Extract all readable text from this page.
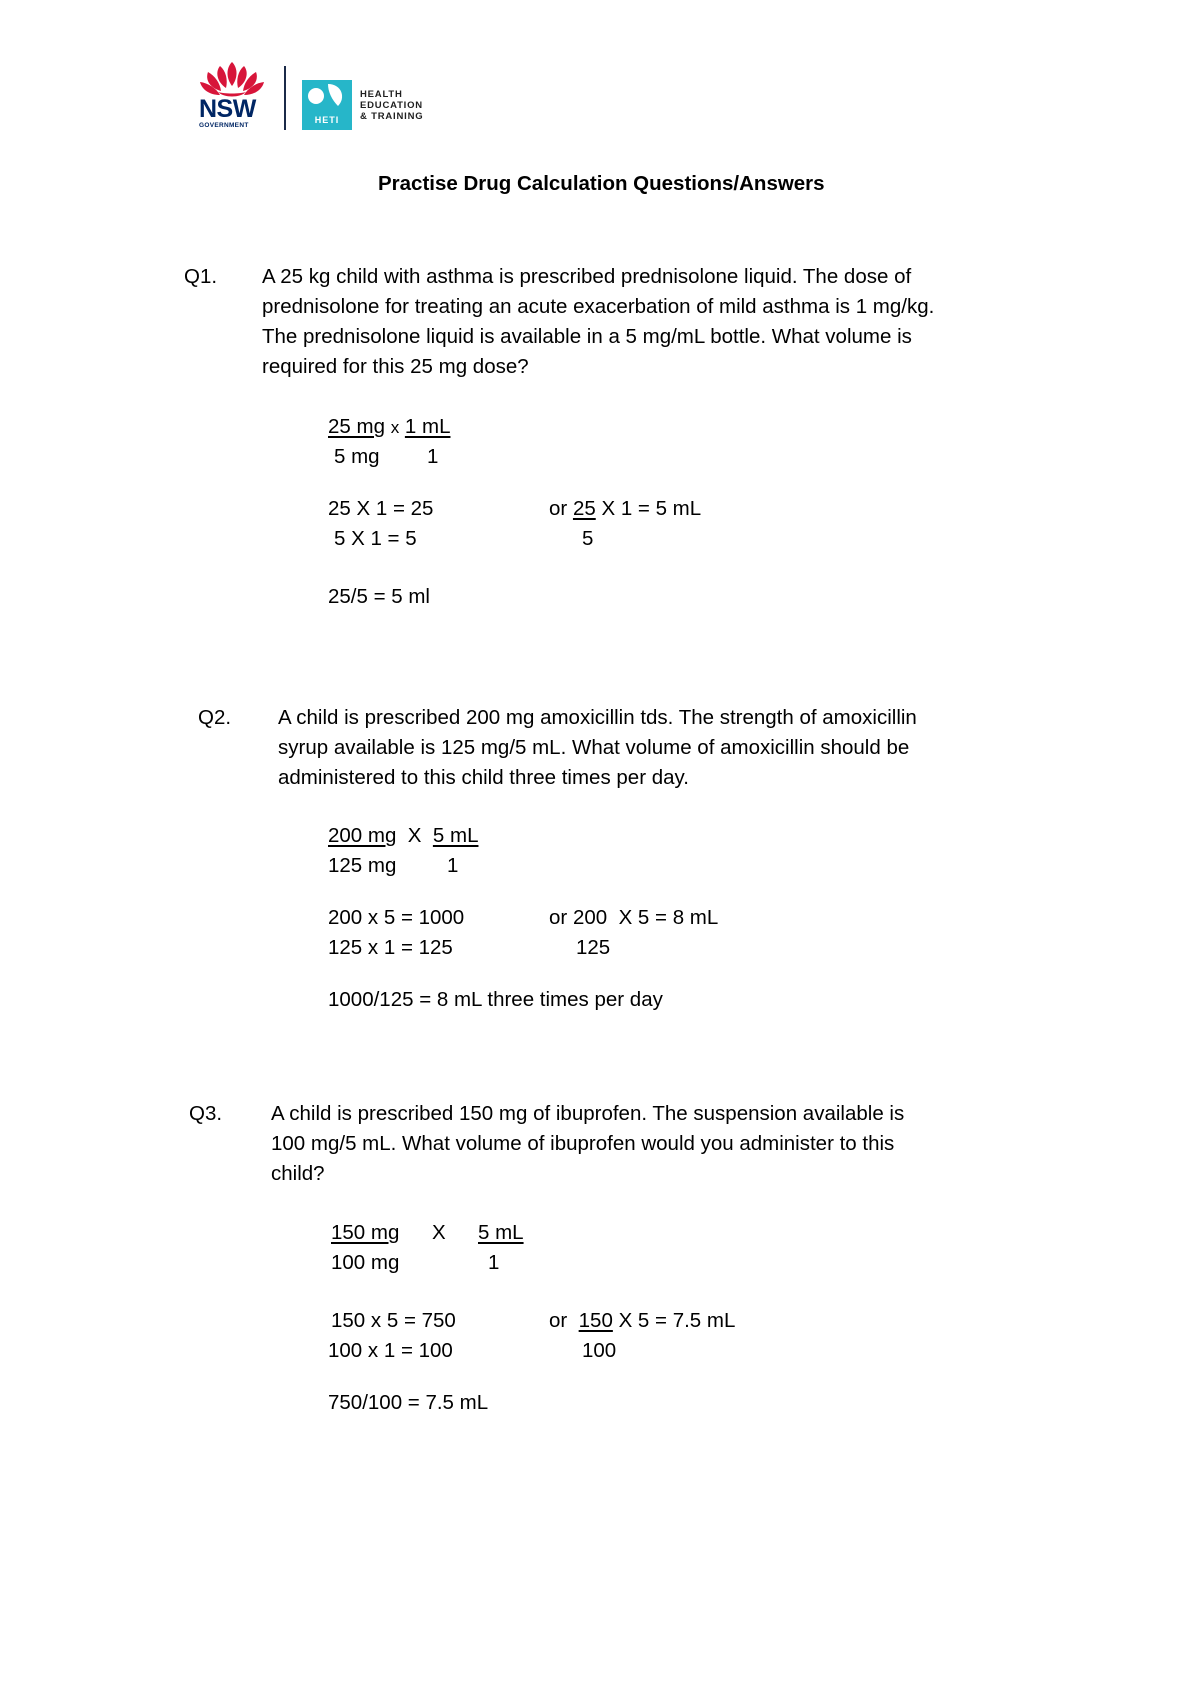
NSW
GOVERNMENT
HETI
HEALTH
EDUCATION
& TRAINING
Practise Drug Calculation Questions/Answers
Q1. A 25 kg child with asthma is prescribed prednisolone liquid. The dose of
prednisolone for treating an acute exacerbation of mild asthma is 1 mg/kg.
The prednisolone liquid is available in a 5 mg/mL bottle. What volume is
required for this 25 mg dose?
25 mg x 1 mL
5 mg 1
25 X 1 = 25
5 X 1 = 5
or 25 X 1 = 5 mL
5
25/5 = 5 ml
Q2. A child is prescribed 200 mg amoxicillin tds. The strength of amoxicillin
syrup available is 125 mg/5 mL. What volume of amoxicillin should be
administered to this child three times per day.
200 mg X 5 mL
125 mg 1
200 x 5 = 1000
125 x 1 = 125
or 200 X 5 = 8 mL
125
1000/125 = 8 mL three times per day
Q3. A child is prescribed 150 mg of ibuprofen. The suspension available is
100 mg/5 mL. What volume of ibuprofen would you administer to this
child?
150 mg X 5 mL
100 mg	1
150 x 5 = 750
100 x 1 = 100
or 150 X 5 = 7.5 mL
100
750/100 = 7.5 mL
